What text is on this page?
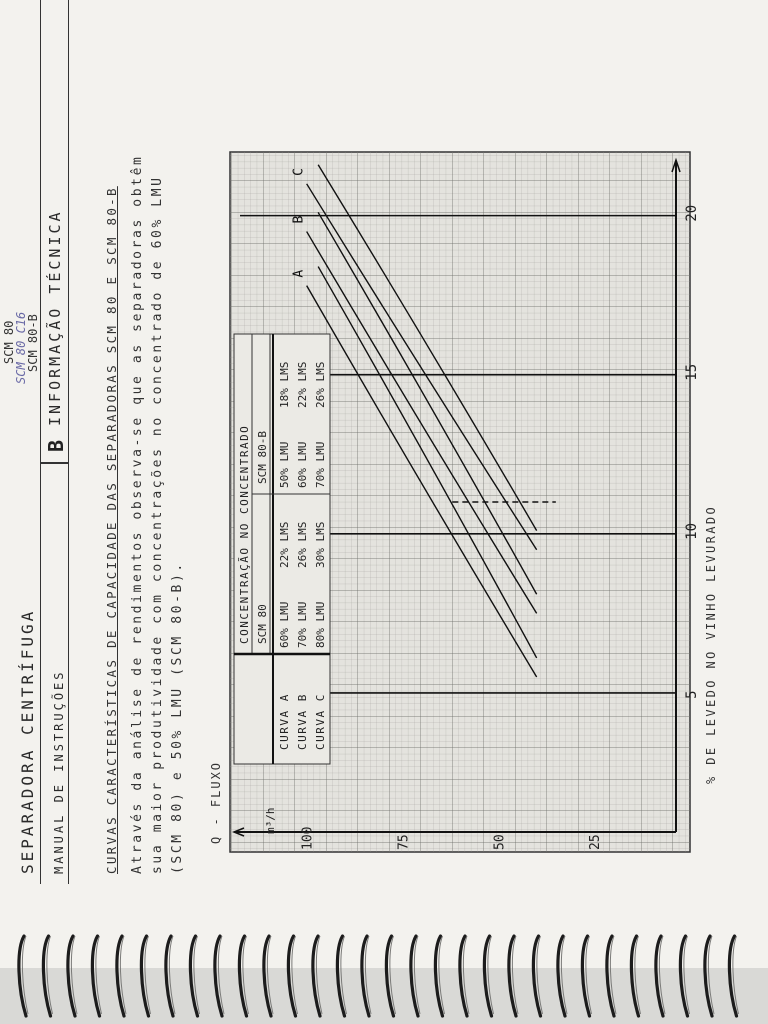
SEPARADORA CENTRÍFUGA MANUAL DE INSTRUÇÕES
B
INFORMAÇÃO TÉCNICA
SCM 80
SCM 80 C16
SCM 80-B	CURVAS CARACTERÍSTICAS DE CAPACIDADE DAS SEPARADORAS SCM 80 E SCM 80-B Através da análise de rendimentos observa-se que as separadoras obtêm sua maior produtividade com concentrações no concentrado de 60% LMU (SCM 80) e 50% LMU (SCM 80-B).
A
B
C
5
10
15
20
100	75	50	25
CONCENTRAÇÃO NO CONCENTRADO SCM 80
SCM 80-B
CURVA A
60% LMU
22% LMS
50% LMU
18% LMS
CURVA B
70% LMU
26% LMS
60% LMU
22% LMS
CURVA C
80% LMU
30% LMS
70% LMU
26% LMS
Q - FLUXO	m³/h
% DE LEVEDO NO VINHO LEVURADO
